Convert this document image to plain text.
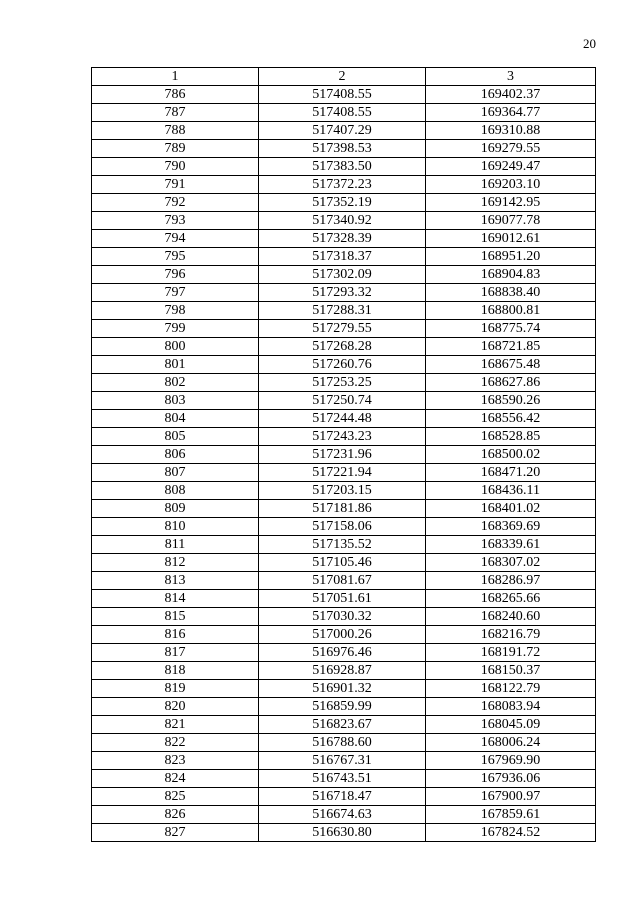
20
1	2	3
786	517408.55	169402.37
787	517408.55	169364.77
788	517407.29	169310.88
789	517398.53	169279.55
790	517383.50	169249.47
791	517372.23	169203.10
792	517352.19	169142.95
793	517340.92	169077.78
794	517328.39	169012.61
795	517318.37	168951.20
796	517302.09	168904.83
797	517293.32	168838.40
798	517288.31	168800.81
799	517279.55	168775.74
800	517268.28	168721.85
801	517260.76	168675.48
802	517253.25	168627.86
803	517250.74	168590.26
804	517244.48	168556.42
805	517243.23	168528.85
806	517231.96	168500.02
807	517221.94	168471.20
808	517203.15	168436.11
809	517181.86	168401.02
810	517158.06	168369.69
811	517135.52	168339.61
812	517105.46	168307.02
813	517081.67	168286.97
814	517051.61	168265.66
815	517030.32	168240.60
816	517000.26	168216.79
817	516976.46	168191.72
818	516928.87	168150.37
819	516901.32	168122.79
820	516859.99	168083.94
821	516823.67	168045.09
822	516788.60	168006.24
823	516767.31	167969.90
824	516743.51	167936.06
825	516718.47	167900.97
826	516674.63	167859.61
827	516630.80	167824.52
